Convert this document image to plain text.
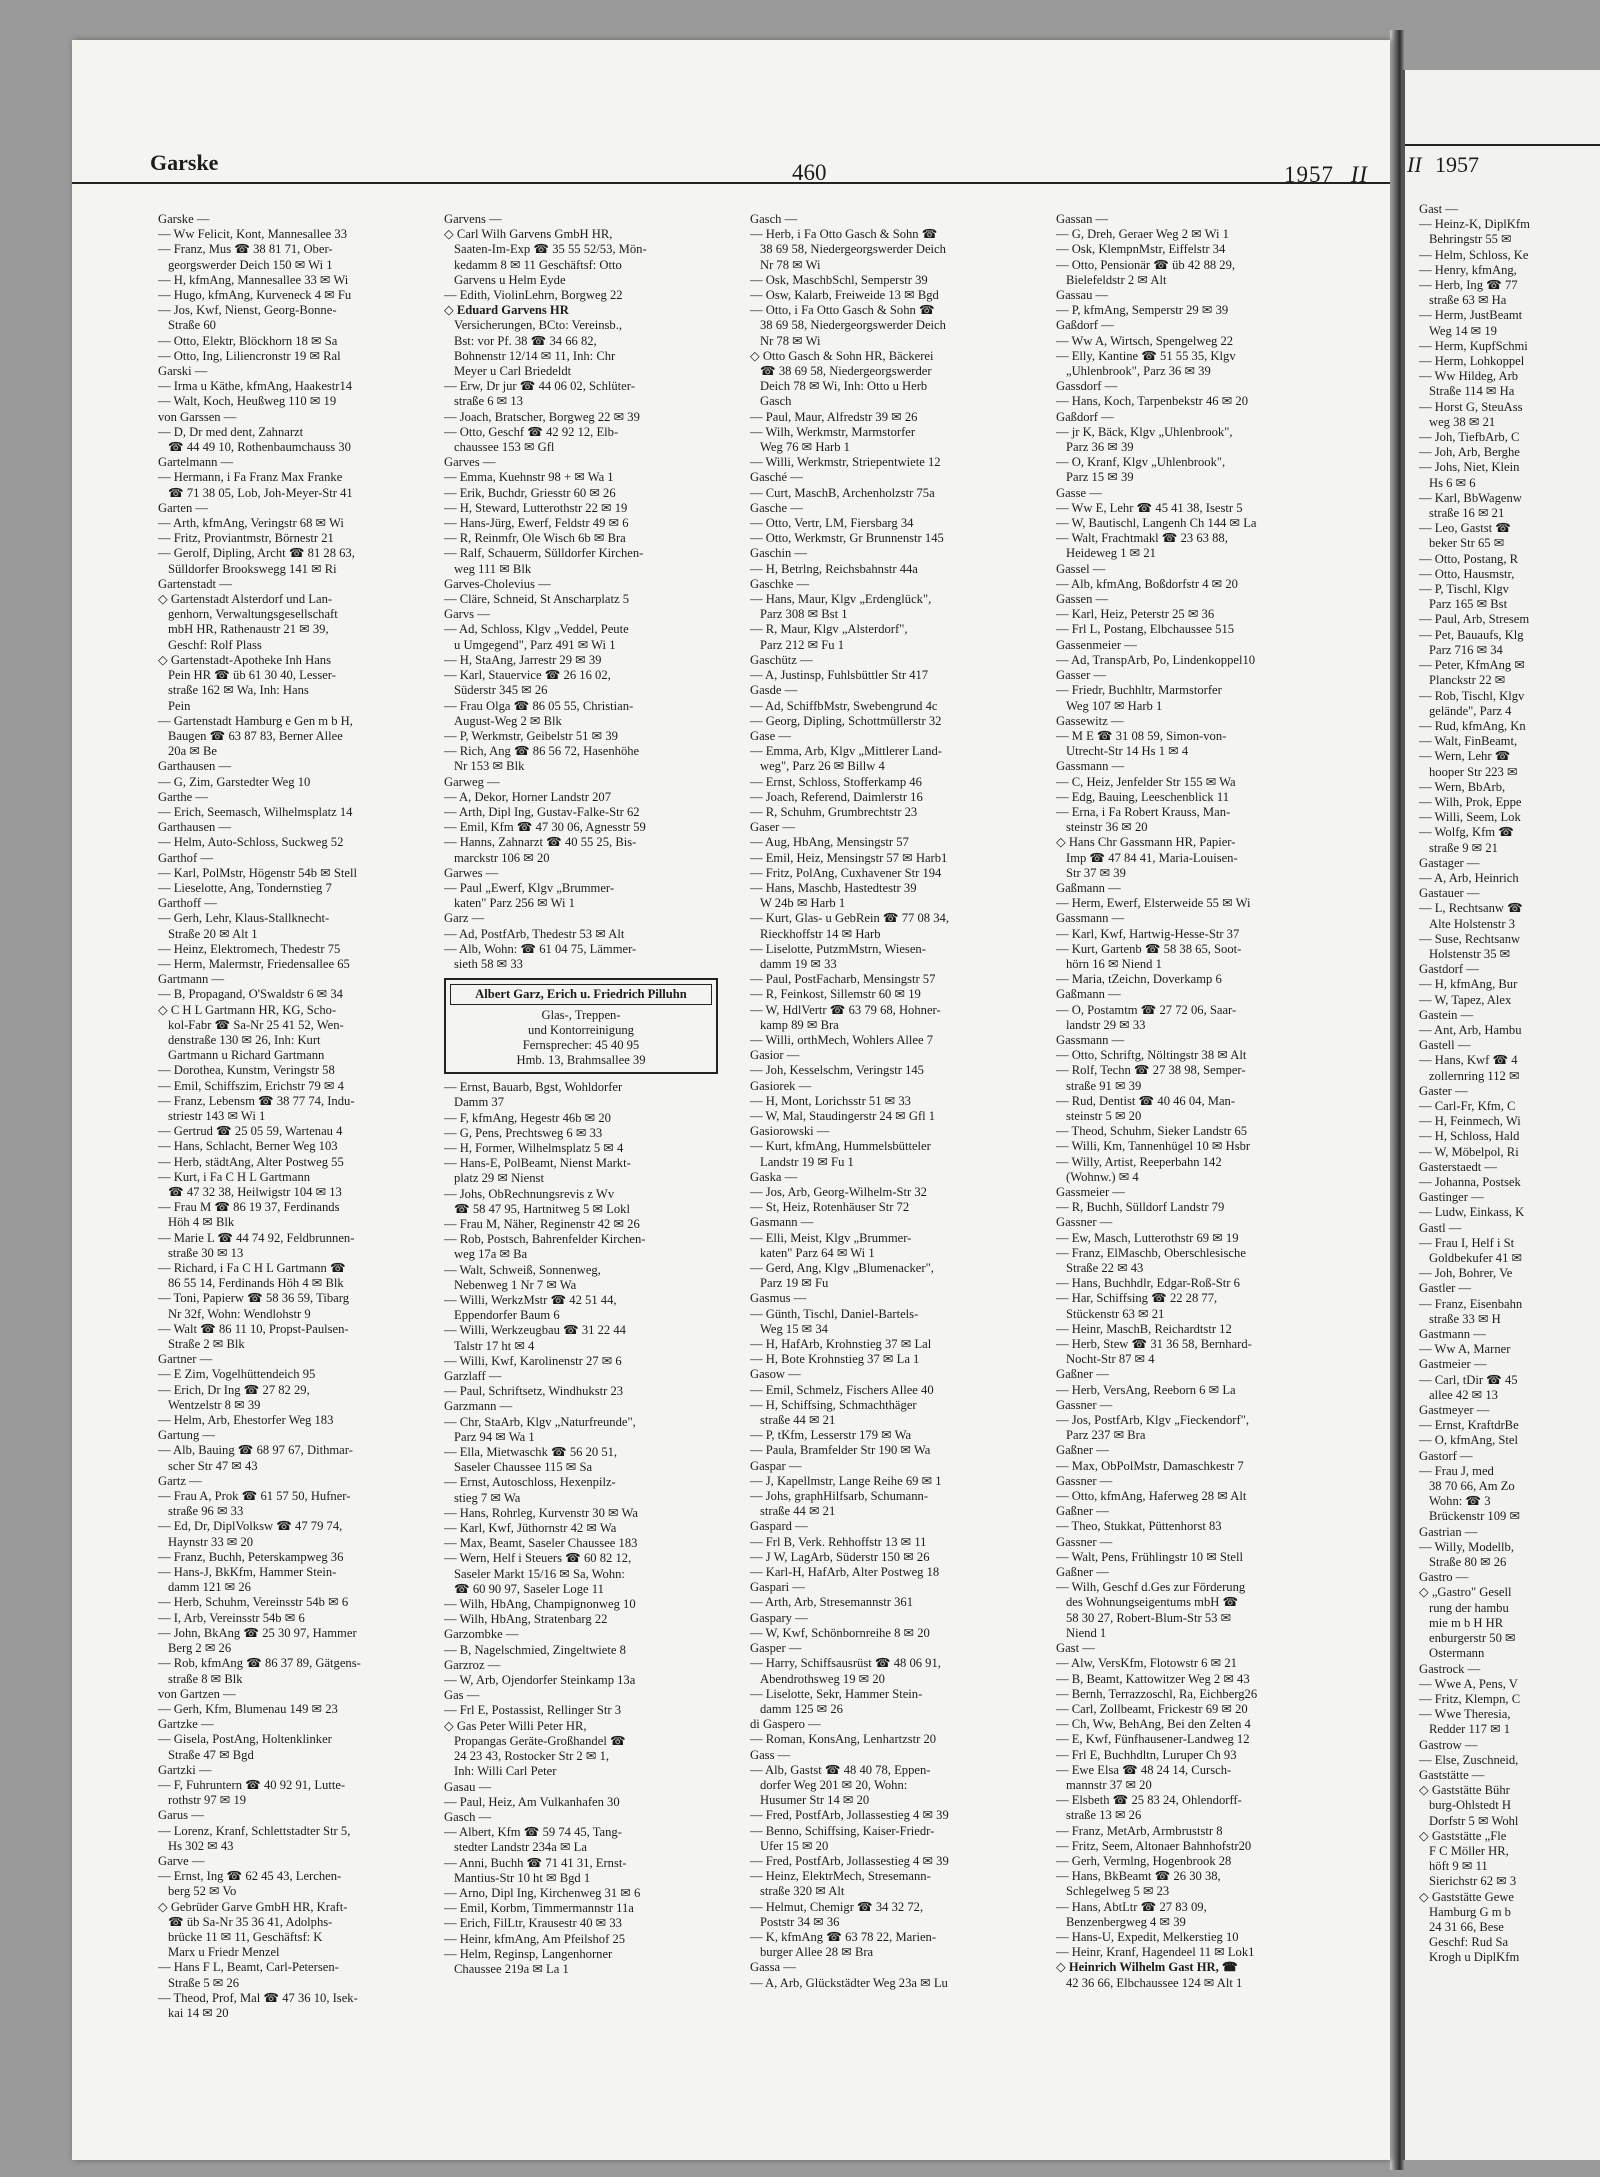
Garske	460	1957 II

Garske —

— Ww Felicit, Kont, Mannesallee 33

— Franz, Mus ☎ 38 81 71, Ober-

georgswerder Deich 150 ✉ Wi 1

— H, kfmAng, Mannesallee 33 ✉ Wi

— Hugo, kfmAng, Kurveneck 4 ✉ Fu

— Jos, Kwf, Nienst, Georg-Bonne-

Straße 60

— Otto, Elektr, Blöckhorn 18 ✉ Sa

— Otto, Ing, Liliencronstr 19 ✉ Ral

Garski —

— Irma u Käthe, kfmAng, Haakestr14

— Walt, Koch, Heußweg 110 ✉ 19

von Garssen —

— D, Dr med dent, Zahnarzt

☎ 44 49 10, Rothenbaumchauss 30

Gartelmann —

— Hermann, i Fa Franz Max Franke

☎ 71 38 05, Lob, Joh-Meyer-Str 41

Garten —

— Arth, kfmAng, Veringstr 68 ✉ Wi

— Fritz, Proviantmstr, Börnestr 21

— Gerolf, Dipling, Archt ☎ 81 28 63,

Sülldorfer Brookswegg 141 ✉ Ri

Gartenstadt —

◇ Gartenstadt Alsterdorf und Lan-

genhorn, Verwaltungsgesellschaft

mbH HR, Rathenaustr 21 ✉ 39,

Geschf: Rolf Plass

◇ Gartenstadt-Apotheke Inh Hans

Pein HR ☎ üb 61 30 40, Lesser-

straße 162 ✉ Wa, Inh: Hans

Pein

— Gartenstadt Hamburg e Gen m b H,

Baugen ☎ 63 87 83, Berner Allee

20a ✉ Be

Garthausen —

— G, Zim, Garstedter Weg 10

Garthe —

— Erich, Seemasch, Wilhelmsplatz 14

Garthausen —

— Helm, Auto-Schloss, Suckweg 52

Garthof —

— Karl, PolMstr, Högenstr 54b ✉ Stell

— Lieselotte, Ang, Tondernstieg 7

Garthoff —

— Gerh, Lehr, Klaus-Stallknecht-

Straße 20 ✉ Alt 1

— Heinz, Elektromech, Thedestr 75

— Herm, Malermstr, Friedensallee 65

Gartmann —

— B, Propagand, O'Swaldstr 6 ✉ 34

◇ C H L Gartmann HR, KG, Scho-

kol-Fabr ☎ Sa-Nr 25 41 52, Wen-

denstraße 130 ✉ 26, Inh: Kurt

Gartmann u Richard Gartmann

— Dorothea, Kunstm, Veringstr 58

— Emil, Schiffszim, Erichstr 79 ✉ 4

— Franz, Lebensm ☎ 38 77 74, Indu-

striestr 143 ✉ Wi 1

— Gertrud ☎ 25 05 59, Wartenau 4

— Hans, Schlacht, Berner Weg 103

— Herb, städtAng, Alter Postweg 55

— Kurt, i Fa C H L Gartmann

☎ 47 32 38, Heilwigstr 104 ✉ 13

— Frau M ☎ 86 19 37, Ferdinands

Höh 4 ✉ Blk

— Marie L ☎ 44 74 92, Feldbrunnen-

straße 30 ✉ 13

— Richard, i Fa C H L Gartmann ☎

86 55 14, Ferdinands Höh 4 ✉ Blk

— Toni, Papierw ☎ 58 36 59, Tibarg

Nr 32f, Wohn: Wendlohstr 9

— Walt ☎ 86 11 10, Propst-Paulsen-

Straße 2 ✉ Blk

Gartner —

— E Zim, Vogelhüttendeich 95

— Erich, Dr Ing ☎ 27 82 29,

Wentzelstr 8 ✉ 39

— Helm, Arb, Ehestorfer Weg 183

Gartung —

— Alb, Bauing ☎ 68 97 67, Dithmar-

scher Str 47 ✉ 43

Gartz —

— Frau A, Prok ☎ 61 57 50, Hufner-

straße 96 ✉ 33

— Ed, Dr, DiplVolksw ☎ 47 79 74,

Haynstr 33 ✉ 20

— Franz, Buchh, Peterskampweg 36

— Hans-J, BkKfm, Hammer Stein-

damm 121 ✉ 26

— Herb, Schuhm, Vereinsstr 54b ✉ 6

— I, Arb, Vereinsstr 54b ✉ 6

— John, BkAng ☎ 25 30 97, Hammer

Berg 2 ✉ 26

— Rob, kfmAng ☎ 86 37 89, Gätgens-

straße 8 ✉ Blk

von Gartzen —

— Gerh, Kfm, Blumenau 149 ✉ 23

Gartzke —

— Gisela, PostAng, Holtenklinker

Straße 47 ✉ Bgd

Gartzki —

— F, Fuhruntern ☎ 40 92 91, Lutte-

rothstr 97 ✉ 19

Garus —

— Lorenz, Kranf, Schlettstadter Str 5,

Hs 302 ✉ 43

Garve —

— Ernst, Ing ☎ 62 45 43, Lerchen-

berg 52 ✉ Vo

◇ Gebrüder Garve GmbH HR, Kraft-

☎ üb Sa-Nr 35 36 41, Adolphs-

brücke 11 ✉ 11, Geschäftsf: K

Marx u Friedr Menzel

— Hans F L, Beamt, Carl-Petersen-

Straße 5 ✉ 26

— Theod, Prof, Mal ☎ 47 36 10, Isek-

kai 14 ✉ 20

Garvens —

◇ Carl Wilh Garvens GmbH HR,

Saaten-Im-Exp ☎ 35 55 52/53, Mön-

kedamm 8 ✉ 11 Geschäftsf: Otto

Garvens u Helm Eyde

— Edith, ViolinLehrn, Borgweg 22

◇ Eduard Garvens HR

Versicherungen, BCto: Vereinsb.,

Bst: vor Pf. 38 ☎ 34 66 82,

Bohnenstr 12/14 ✉ 11, Inh: Chr

Meyer u Carl Briedeldt

— Erw, Dr jur ☎ 44 06 02, Schlüter-

straße 6 ✉ 13

— Joach, Bratscher, Borgweg 22 ✉ 39

— Otto, Geschf ☎ 42 92 12, Elb-

chaussee 153 ✉ Gfl

Garves —

— Emma, Kuehnstr 98 + ✉ Wa 1

— Erik, Buchdr, Griesstr 60 ✉ 26

— H, Steward, Lutterothstr 22 ✉ 19

— Hans-Jürg, Ewerf, Feldstr 49 ✉ 6

— R, Reinmfr, Ole Wisch 6b ✉ Bra

— Ralf, Schauerm, Sülldorfer Kirchen-

weg 111 ✉ Blk

Garves-Cholevius —

— Cläre, Schneid, St Anscharplatz 5

Garvs —

— Ad, Schloss, Klgv „Veddel, Peute

u Umgegend", Parz 491 ✉ Wi 1

— H, StaAng, Jarrestr 29 ✉ 39

— Karl, Stauervice ☎ 26 16 02,

Süderstr 345 ✉ 26

— Frau Olga ☎ 86 05 55, Christian-

August-Weg 2 ✉ Blk

— P, Werkmstr, Geibelstr 51 ✉ 39

— Rich, Ang ☎ 86 56 72, Hasenhöhe

Nr 153 ✉ Blk

Garweg —

— A, Dekor, Horner Landstr 207

— Arth, Dipl Ing, Gustav-Falke-Str 62

— Emil, Kfm ☎ 47 30 06, Agnesstr 59

— Hanns, Zahnarzt ☎ 40 55 25, Bis-

marckstr 106 ✉ 20

Garwes —

— Paul „Ewerf, Klgv „Brummer-

katen" Parz 256 ✉ Wi 1

Garz —

— Ad, PostfArb, Thedestr 53 ✉ Alt

— Alb, Wohn: ☎ 61 04 75, Lämmer-

sieth 58 ✉ 33

Albert Garz, Erich u. Friedrich Pilluhn
Glas-, Treppen-
und Kontorreinigung
Fernsprecher: 45 40 95
Hmb. 13, Brahmsallee 39

— Ernst, Bauarb, Bgst, Wohldorfer

Damm 37

— F, kfmAng, Hegestr 46b ✉ 20

— G, Pens, Prechtsweg 6 ✉ 33

— H, Former, Wilhelmsplatz 5 ✉ 4

— Hans-E, PolBeamt, Nienst Markt-

platz 29 ✉ Nienst

— Johs, ObRechnungsrevis z Wv

☎ 58 47 95, Hartnitweg 5 ✉ Lokl

— Frau M, Näher, Reginenstr 42 ✉ 26

— Rob, Postsch, Bahrenfelder Kirchen-

weg 17a ✉ Ba

— Walt, Schweiß, Sonnenweg,

Nebenweg 1 Nr 7 ✉ Wa

— Willi, WerkzMstr ☎ 42 51 44,

Eppendorfer Baum 6

— Willi, Werkzeugbau ☎ 31 22 44

Talstr 17 ht ✉ 4

— Willi, Kwf, Karolinenstr 27 ✉ 6

Garzlaff —

— Paul, Schriftsetz, Windhukstr 23

Garzmann —

— Chr, StaArb, Klgv „Naturfreunde",

Parz 94 ✉ Wa 1

— Ella, Mietwaschk ☎ 56 20 51,

Saseler Chaussee 115 ✉ Sa

— Ernst, Autoschloss, Hexenpilz-

stieg 7 ✉ Wa

— Hans, Rohrleg, Kurvenstr 30 ✉ Wa

— Karl, Kwf, Jüthornstr 42 ✉ Wa

— Max, Beamt, Saseler Chaussee 183

— Wern, Helf i Steuers ☎ 60 82 12,

Saseler Markt 15/16 ✉ Sa, Wohn:

☎ 60 90 97, Saseler Loge 11

— Wilh, HbAng, Champignonweg 10

— Wilh, HbAng, Stratenbarg 22

Garzombke —

— B, Nagelschmied, Zingeltwiete 8

Garzroz —

— W, Arb, Ojendorfer Steinkamp 13a

Gas —

— Frl E, Postassist, Rellinger Str 3

◇ Gas Peter Willi Peter HR,

Propangas Geräte-Großhandel ☎

24 23 43, Rostocker Str 2 ✉ 1,

Inh: Willi Carl Peter

Gasau —

— Paul, Heiz, Am Vulkanhafen 30

Gasch —

— Albert, Kfm ☎ 59 74 45, Tang-

stedter Landstr 234a ✉ La

— Anni, Buchh ☎ 71 41 31, Ernst-

Mantius-Str 10 ht ✉ Bgd 1

— Arno, Dipl Ing, Kirchenweg 31 ✉ 6

— Emil, Korbm, Timmermannstr 11a

— Erich, FilLtr, Krausestr 40 ✉ 33

— Heinr, kfmAng, Am Pfeilshof 25

— Helm, Reginsp, Langenhorner

Chaussee 219a ✉ La 1

Gasch —

— Herb, i Fa Otto Gasch & Sohn ☎

38 69 58, Niedergeorgswerder Deich

Nr 78 ✉ Wi

— Osk, MaschbSchl, Semperstr 39

— Osw, Kalarb, Freiweide 13 ✉ Bgd

— Otto, i Fa Otto Gasch & Sohn ☎

38 69 58, Niedergeorgswerder Deich

Nr 78 ✉ Wi

◇ Otto Gasch & Sohn HR, Bäckerei

☎ 38 69 58, Niedergeorgswerder

Deich 78 ✉ Wi, Inh: Otto u Herb

Gasch

— Paul, Maur, Alfredstr 39 ✉ 26

— Wilh, Werkmstr, Marmstorfer

Weg 76 ✉ Harb 1

— Willi, Werkmstr, Striepentwiete 12

Gasché —

— Curt, MaschB, Archenholzstr 75a

Gasche —

— Otto, Vertr, LM, Fiersbarg 34

— Otto, Werkmstr, Gr Brunnenstr 145

Gaschin —

— H, Betrlng, Reichsbahnstr 44a

Gaschke —

— Hans, Maur, Klgv „Erdenglück",

Parz 308 ✉ Bst 1

— R, Maur, Klgv „Alsterdorf",

Parz 212 ✉ Fu 1

Gaschütz —

— A, Justinsp, Fuhlsbüttler Str 417

Gasde —

— Ad, SchiffbMstr, Swebengrund 4c

— Georg, Dipling, Schottmüllerstr 32

Gase —

— Emma, Arb, Klgv „Mittlerer Land-

weg", Parz 26 ✉ Billw 4

— Ernst, Schloss, Stofferkamp 46

— Joach, Referend, Daimlerstr 16

— R, Schuhm, Grumbrechtstr 23

Gaser —

— Aug, HbAng, Mensingstr 57

— Emil, Heiz, Mensingstr 57 ✉ Harb1

— Fritz, PolAng, Cuxhavener Str 194

— Hans, Maschb, Hastedtestr 39

W 24b ✉ Harb 1

— Kurt, Glas- u GebRein ☎ 77 08 34,

Rieckhoffstr 14 ✉ Harb

— Liselotte, PutzmMstrn, Wiesen-

damm 19 ✉ 33

— Paul, PostFacharb, Mensingstr 57

— R, Feinkost, Sillemstr 60 ✉ 19

— W, HdlVertr ☎ 63 79 68, Hohner-

kamp 89 ✉ Bra

— Willi, orthMech, Wohlers Allee 7

Gasior —

— Joh, Kesselschm, Veringstr 145

Gasiorek —

— H, Mont, Lorichsstr 51 ✉ 33

— W, Mal, Staudingerstr 24 ✉ Gfl 1

Gasiorowski —

— Kurt, kfmAng, Hummelsbütteler

Landstr 19 ✉ Fu 1

Gaska —

— Jos, Arb, Georg-Wilhelm-Str 32

— St, Heiz, Rotenhäuser Str 72

Gasmann —

— Elli, Meist, Klgv „Brummer-

katen" Parz 64 ✉ Wi 1

— Gerd, Ang, Klgv „Blumenacker",

Parz 19 ✉ Fu

Gasmus —

— Günth, Tischl, Daniel-Bartels-

Weg 15 ✉ 34

— H, HafArb, Krohnstieg 37 ✉ Lal

— H, Bote Krohnstieg 37 ✉ La 1

Gasow —

— Emil, Schmelz, Fischers Allee 40

— H, Schiffsing, Schmachthäger

straße 44 ✉ 21

— P, tKfm, Lesserstr 179 ✉ Wa

— Paula, Bramfelder Str 190 ✉ Wa

Gaspar —

— J, Kapellmstr, Lange Reihe 69 ✉ 1

— Johs, graphHilfsarb, Schumann-

straße 44 ✉ 21

Gaspard —

— Frl B, Verk. Rehhoffstr 13 ✉ 11

— J W, LagArb, Süderstr 150 ✉ 26

— Karl-H, HafArb, Alter Postweg 18

Gaspari —

— Arth, Arb, Stresemannstr 361

Gaspary —

— W, Kwf, Schönbornreihe 8 ✉ 20

Gasper —

— Harry, Schiffsausrüst ☎ 48 06 91,

Abendrothsweg 19 ✉ 20

— Liselotte, Sekr, Hammer Stein-

damm 125 ✉ 26

di Gaspero —

— Roman, KonsAng, Lenhartzstr 20

Gass —

— Alb, Gastst ☎ 48 40 78, Eppen-

dorfer Weg 201 ✉ 20, Wohn:

Husumer Str 14 ✉ 20

— Fred, PostfArb, Jollassestieg 4 ✉ 39

— Benno, Schiffsing, Kaiser-Friedr-

Ufer 15 ✉ 20

— Fred, PostfArb, Jollassestieg 4 ✉ 39

— Heinz, ElektrMech, Stresemann-

straße 320 ✉ Alt

— Helmut, Chemigr ☎ 34 32 72,

Poststr 34 ✉ 36

— K, kfmAng ☎ 63 78 22, Marien-

burger Allee 28 ✉ Bra

Gassa —

— A, Arb, Glückstädter Weg 23a ✉ Lu

Gassan —

— G, Dreh, Geraer Weg 2 ✉ Wi 1

— Osk, KlempnMstr, Eiffelstr 34

— Otto, Pensionär ☎ üb 42 88 29,

Bielefeldstr 2 ✉ Alt

Gassau —

— P, kfmAng, Semperstr 29 ✉ 39

Gaßdorf —

— Ww A, Wirtsch, Spengelweg 22

— Elly, Kantine ☎ 51 55 35, Klgv

„Uhlenbrook", Parz 36 ✉ 39

Gassdorf —

— Hans, Koch, Tarpenbekstr 46 ✉ 20

Gaßdorf —

— jr K, Bäck, Klgv „Uhlenbrook",

Parz 36 ✉ 39

— O, Kranf, Klgv „Uhlenbrook",

Parz 15 ✉ 39

Gasse —

— Ww E, Lehr ☎ 45 41 38, Isestr 5

— W, Bautischl, Langenh Ch 144 ✉ La

— Walt, Frachtmakl ☎ 23 63 88,

Heideweg 1 ✉ 21

Gassel —

— Alb, kfmAng, Boßdorfstr 4 ✉ 20

Gassen —

— Karl, Heiz, Peterstr 25 ✉ 36

— Frl L, Postang, Elbchaussee 515

Gassenmeier —

— Ad, TranspArb, Po, Lindenkoppel10

Gasser —

— Friedr, Buchhltr, Marmstorfer

Weg 107 ✉ Harb 1

Gassewitz —

— M E ☎ 31 08 59, Simon-von-

Utrecht-Str 14 Hs 1 ✉ 4

Gassmann —

— C, Heiz, Jenfelder Str 155 ✉ Wa

— Edg, Bauing, Leeschenblick 11

— Erna, i Fa Robert Krauss, Man-

steinstr 36 ✉ 20

◇ Hans Chr Gassmann HR, Papier-

Imp ☎ 47 84 41, Maria-Louisen-

Str 37 ✉ 39

Gaßmann —

— Herm, Ewerf, Elsterweide 55 ✉ Wi

Gassmann —

— Karl, Kwf, Hartwig-Hesse-Str 37

— Kurt, Gartenb ☎ 58 38 65, Soot-

hörn 16 ✉ Niend 1

— Maria, tZeichn, Doverkamp 6

Gaßmann —

— O, Postamtm ☎ 27 72 06, Saar-

landstr 29 ✉ 33

Gassmann —

— Otto, Schriftg, Nöltingstr 38 ✉ Alt

— Rolf, Techn ☎ 27 38 98, Semper-

straße 91 ✉ 39

— Rud, Dentist ☎ 40 46 04, Man-

steinstr 5 ✉ 20

— Theod, Schuhm, Sieker Landstr 65

— Willi, Km, Tannenhügel 10 ✉ Hsbr

— Willy, Artist, Reeperbahn 142

(Wohnw.) ✉ 4

Gassmeier —

— R, Buchh, Sülldorf Landstr 79

Gassner —

— Ew, Masch, Lutterothstr 69 ✉ 19

— Franz, ElMaschb, Oberschlesische

Straße 22 ✉ 43

— Hans, Buchhdlr, Edgar-Roß-Str 6

— Har, Schiffsing ☎ 22 28 77,

Stückenstr 63 ✉ 21

— Heinr, MaschB, Reichardtstr 12

— Herb, Stew ☎ 31 36 58, Bernhard-

Nocht-Str 87 ✉ 4

Gaßner —

— Herb, VersAng, Reeborn 6 ✉ La

Gassner —

— Jos, PostfArb, Klgv „Fieckendorf",

Parz 237 ✉ Bra

Gaßner —

— Max, ObPolMstr, Damaschkestr 7

Gassner —

— Otto, kfmAng, Haferweg 28 ✉ Alt

Gaßner —

— Theo, Stukkat, Püttenhorst 83

Gassner —

— Walt, Pens, Frühlingstr 10 ✉ Stell

Gaßner —

— Wilh, Geschf d.Ges zur Förderung

des Wohnungseigentums mbH ☎

58 30 27, Robert-Blum-Str 53 ✉

Niend 1

Gast —

— Alw, VersKfm, Flotowstr 6 ✉ 21

— B, Beamt, Kattowitzer Weg 2 ✉ 43

— Bernh, Terrazzoschl, Ra, Eichberg26

— Carl, Zollbeamt, Frickestr 69 ✉ 20

— Ch, Ww, BehAng, Bei den Zelten 4

— E, Kwf, Fünfhausener-Landweg 12

— Frl E, Buchhdltn, Luruper Ch 93

— Ewe Elsa ☎ 48 24 14, Cursch-

mannstr 37 ✉ 20

— Elsbeth ☎ 25 83 24, Ohlendorff-

straße 13 ✉ 26

— Franz, MetArb, Armbruststr 8

— Fritz, Seem, Altonaer Bahnhofstr20

— Gerh, Vermlng, Hogenbrook 28

— Hans, BkBeamt ☎ 26 30 38,

Schlegelweg 5 ✉ 23

— Hans, AbtLtr ☎ 27 83 09,

Benzenbergweg 4 ✉ 39

— Hans-U, Expedit, Melkerstieg 10

— Heinr, Kranf, Hagendeel 11 ✉ Lok1

◇ Heinrich Wilhelm Gast HR, ☎

42 36 66, Elbchaussee 124 ✉ Alt 1

II 1957

Gast —

— Heinz-K, DiplKfm

Behringstr 55 ✉

— Helm, Schloss, Ke

— Henry, kfmAng,

— Herb, Ing ☎ 77

straße 63 ✉ Ha

— Herm, JustBeamt

Weg 14 ✉ 19

— Herm, KupfSchmi

— Herm, Lohkoppel

— Ww Hildeg, Arb

Straße 114 ✉ Ha

— Horst G, SteuAss

weg 38 ✉ 21

— Joh, TiefbArb, C

— Joh, Arb, Berghe

— Johs, Niet, Klein

Hs 6 ✉ 6

— Karl, BbWagenw

straße 16 ✉ 21

— Leo, Gastst ☎

beker Str 65 ✉

— Otto, Postang, R

— Otto, Hausmstr,

— P, Tischl, Klgv

Parz 165 ✉ Bst

— Paul, Arb, Stresem

— Pet, Bauaufs, Klg

Parz 716 ✉ 34

— Peter, KfmAng ✉

Planckstr 22 ✉

— Rob, Tischl, Klgv

gelände", Parz 4

— Rud, kfmAng, Kn

— Walt, FinBeamt,

— Wern, Lehr ☎

hooper Str 223 ✉

— Wern, BbArb,

— Wilh, Prok, Eppe

— Willi, Seem, Lok

— Wolfg, Kfm ☎

straße 9 ✉ 21

Gastager —

— A, Arb, Heinrich

Gastauer —

— L, Rechtsanw ☎

Alte Holstenstr 3

— Suse, Rechtsanw

Holstenstr 35 ✉

Gastdorf —

— H, kfmAng, Bur

— W, Tapez, Alex

Gastein —

— Ant, Arb, Hambu

Gastell —

— Hans, Kwf ☎ 4

zollernring 112 ✉

Gaster —

— Carl-Fr, Kfm, C

— H, Feinmech, Wi

— H, Schloss, Hald

— W, Möbelpol, Ri

Gasterstaedt —

— Johanna, Postsek

Gastinger —

— Ludw, Einkass, K

Gastl —

— Frau I, Helf i St

Goldbekufer 41 ✉

— Joh, Bohrer, Ve

Gastler —

— Franz, Eisenbahn

straße 33 ✉ H

Gastmann —

— Ww A, Marner

Gastmeier —

— Carl, tDir ☎ 45

allee 42 ✉ 13

Gastmeyer —

— Ernst, KraftdrBe

— O, kfmAng, Stel

Gastorf —

— Frau J, med

38 70 66, Am Zo

Wohn: ☎ 3

Brückenstr 109 ✉

Gastrian —

— Willy, Modellb,

Straße 80 ✉ 26

Gastro —

◇ „Gastro" Gesell

rung der hambu

mie m b H HR

enburgerstr 50 ✉

Ostermann

Gastrock —

— Wwe A, Pens, V

— Fritz, Klempn, C

— Wwe Theresia,

Redder 117 ✉ 1

Gastrow —

— Else, Zuschneid,

Gaststätte —

◇ Gaststätte Bühr

burg-Ohlstedt H

Dorfstr 5 ✉ Wohl

◇ Gaststätte „Fle

F C Möller HR,

höft 9 ✉ 11

Sierichstr 62 ✉ 3

◇ Gaststätte Gewe

Hamburg G m b

24 31 66, Bese

Geschf: Rud Sa

Krogh u DiplKfm
